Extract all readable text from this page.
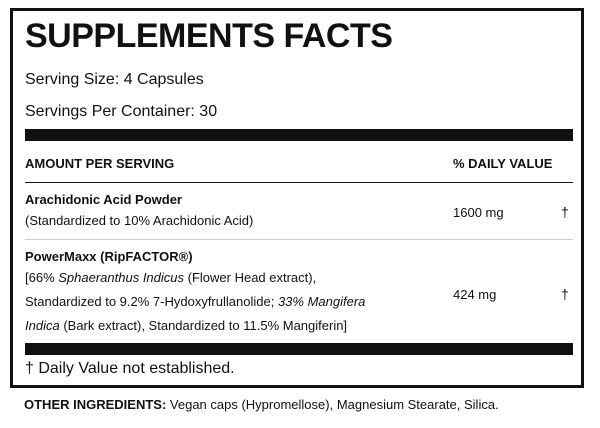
SUPPLEMENTS FACTS
Serving Size: 4 Capsules
Servings Per Container: 30
AMOUNT PER SERVING	% DAILY VALUE
Arachidonic Acid Powder
(Standardized to 10% Arachidonic Acid)
1600 mg	†
PowerMaxx (RipFACTOR®)
[66% Sphaeranthus Indicus (Flower Head extract),
Standardized to 9.2% 7-Hydoxyfrullanolide; 33% Mangifera
Indica (Bark extract), Standardized to 11.5% Mangiferin]
424 mg	†
† Daily Value not established.
OTHER INGREDIENTS: Vegan caps (Hypromellose), Magnesium Stearate, Silica.
